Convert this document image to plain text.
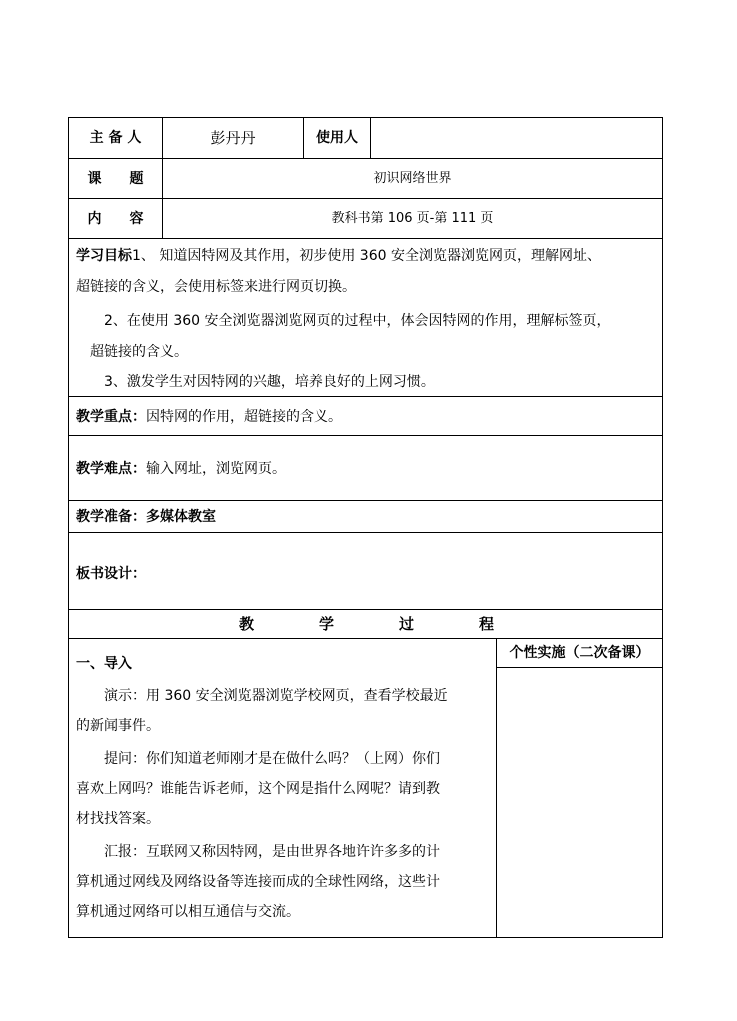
主 备 人	彭丹丹	使用人
课　　题	初识网络世界
内　　容	教科书第 106 页-第 111 页
学习目标1、 知道因特网及其作用，初步使用 360 安全浏览器浏览网页，理解网址、
超链接的含义，会使用标签来进行网页切换。
2、在使用 360 安全浏览器浏览网页的过程中，体会因特网的作用，理解标签页，
超链接的含义。
3、激发学生对因特网的兴趣，培养良好的上网习惯。
教学重点：因特网的作用，超链接的含义。
教学难点：输入网址，浏览网页。
教学准备：多媒体教室
板书设计：
教	学	过	程
个性实施（二次备课）
一、导入
演示：用 360 安全浏览器浏览学校网页，查看学校最近
的新闻事件。
提问：你们知道老师刚才是在做什么吗？（上网）你们
喜欢上网吗？谁能告诉老师，这个网是指什么网呢？请到教
材找找答案。
汇报：互联网又称因特网，是由世界各地许许多多的计
算机通过网线及网络设备等连接而成的全球性网络，这些计
算机通过网络可以相互通信与交流。
